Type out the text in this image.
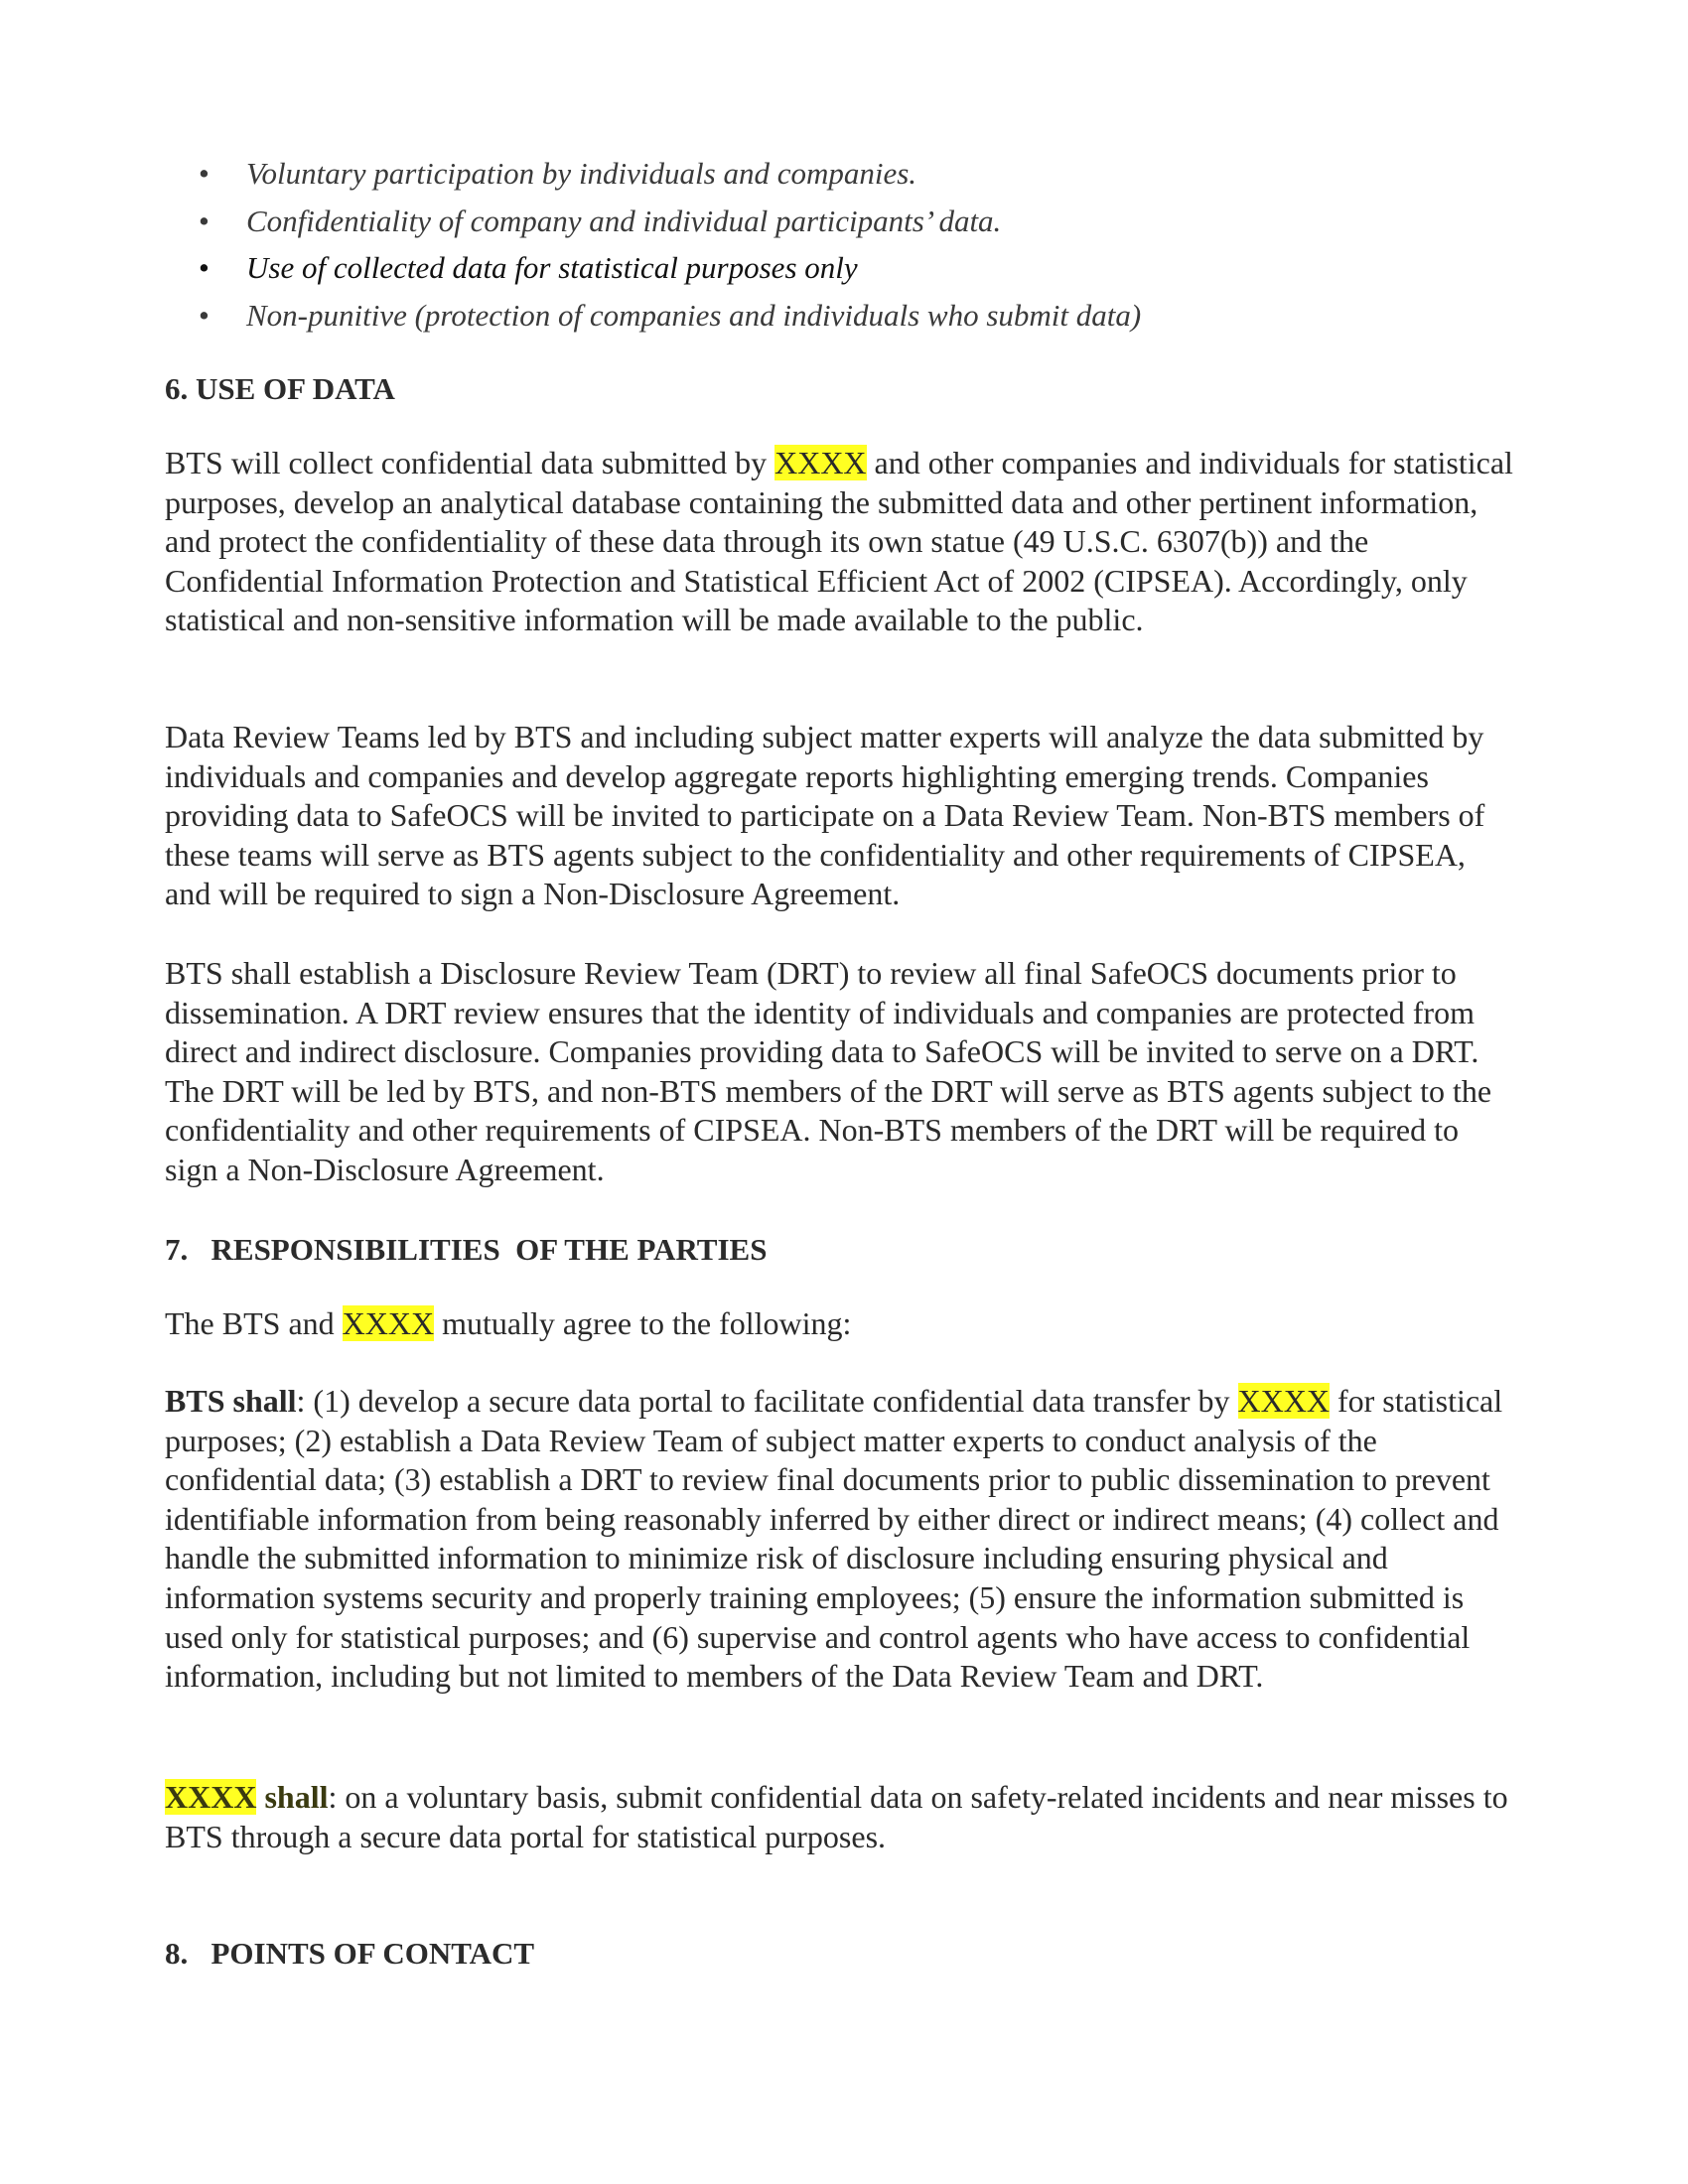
• Voluntary participation by individuals and companies.
• Confidentiality of company and individual participants’ data.
• Use of collected data for statistical purposes only
• Non-punitive (protection of companies and individuals who submit data)
6. USE OF DATA

BTS will collect confidential data submitted by XXXX and other companies and individuals for statistical purposes, develop an analytical database containing the submitted data and other pertinent information, and protect the confidentiality of these data through its own statue (49 U.S.C. 6307(b)) and the Confidential Information Protection and Statistical Efficient Act of 2002 (CIPSEA). Accordingly, only statistical and non-sensitive information will be made available to the public.

Data Review Teams led by BTS and including subject matter experts will analyze the data submitted by individuals and companies and develop aggregate reports highlighting emerging trends. Companies providing data to SafeOCS will be invited to participate on a Data Review Team. Non-BTS members of these teams will serve as BTS agents subject to the confidentiality and other requirements of CIPSEA, and will be required to sign a Non-Disclosure Agreement.

BTS shall establish a Disclosure Review Team (DRT) to review all final SafeOCS documents prior to dissemination. A DRT review ensures that the identity of individuals and companies are protected from direct and indirect disclosure. Companies providing data to SafeOCS will be invited to serve on a DRT. The DRT will be led by BTS, and non-BTS members of the DRT will serve as BTS agents subject to the confidentiality and other requirements of CIPSEA. Non-BTS members of the DRT will be required to sign a Non-Disclosure Agreement.

7.   RESPONSIBILITIES  OF THE PARTIES

The BTS and XXXX mutually agree to the following:

BTS shall: (1) develop a secure data portal to facilitate confidential data transfer by XXXX for statistical purposes; (2) establish a Data Review Team of subject matter experts to conduct analysis of the confidential data; (3) establish a DRT to review final documents prior to public dissemination to prevent identifiable information from being reasonably inferred by either direct or indirect means; (4) collect and handle the submitted information to minimize risk of disclosure including ensuring physical and information systems security and properly training employees; (5) ensure the information submitted is used only for statistical purposes; and (6) supervise and control agents who have access to confidential information, including but not limited to members of the Data Review Team and DRT.

XXXX shall: on a voluntary basis, submit confidential data on safety-related incidents and near misses to BTS through a secure data portal for statistical purposes.

8.   POINTS OF CONTACT
